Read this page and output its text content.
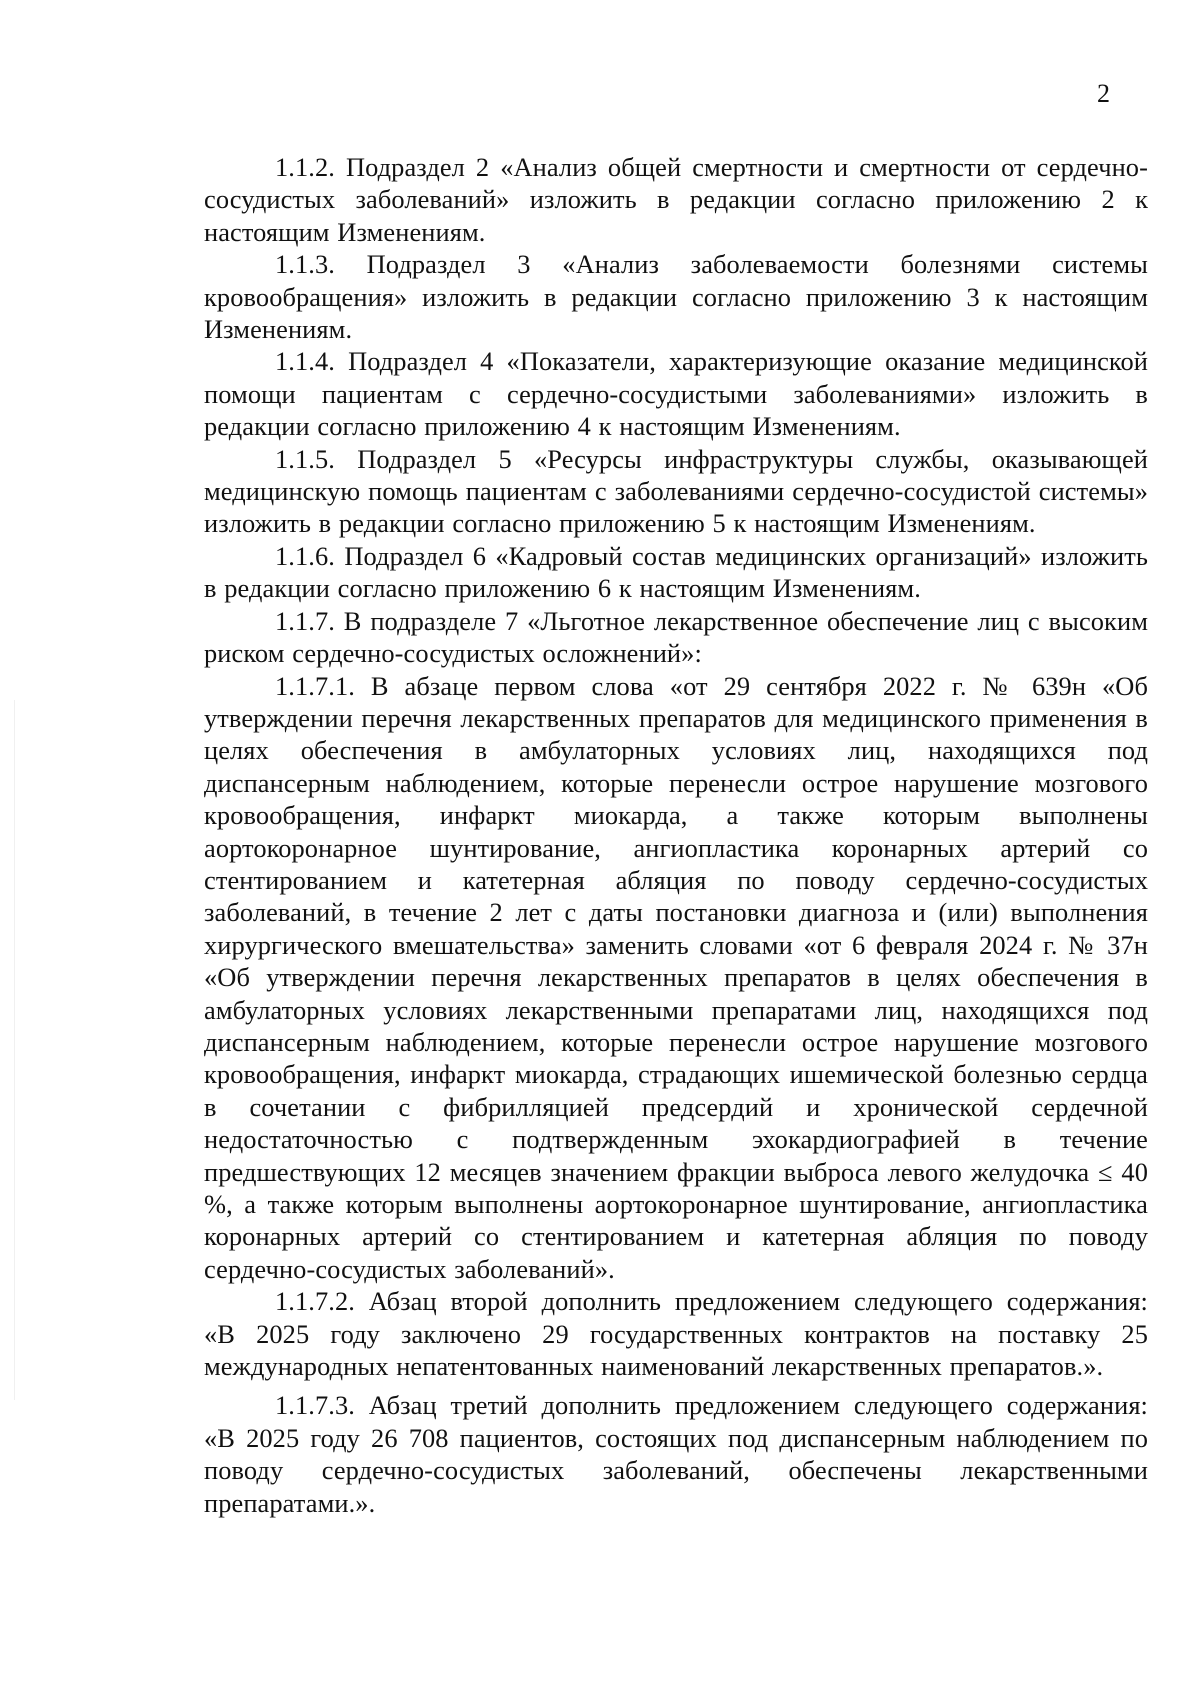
2

1.1.2. Подраздел 2 «Анализ общей смертности и смертности от сердечно-сосудистых заболеваний» изложить в редакции согласно приложению 2 к настоящим Изменениям.

1.1.3. Подраздел 3 «Анализ заболеваемости болезнями системы кровообращения» изложить в редакции согласно приложению 3 к настоящим Изменениям.

1.1.4. Подраздел 4 «Показатели, характеризующие оказание медицинской помощи пациентам с сердечно-сосудистыми заболеваниями» изложить в редакции согласно приложению 4 к настоящим Изменениям.

1.1.5. Подраздел 5 «Ресурсы инфраструктуры службы, оказывающей медицинскую помощь пациентам с заболеваниями сердечно-сосудистой системы» изложить в редакции согласно приложению 5 к настоящим Изменениям.

1.1.6. Подраздел 6 «Кадровый состав медицинских организаций» изложить в редакции согласно приложению 6 к настоящим Изменениям.

1.1.7. В подразделе 7 «Льготное лекарственное обеспечение лиц с высоким риском сердечно-сосудистых осложнений»:

1.1.7.1. В абзаце первом слова «от 29 сентября 2022 г. № 639н «Об утверждении перечня лекарственных препаратов для медицинского применения в целях обеспечения в амбулаторных условиях лиц, находящихся под диспансерным наблюдением, которые перенесли острое нарушение мозгового кровообращения, инфаркт миокарда, а также которым выполнены аортокоронарное шунтирование, ангиопластика коронарных артерий со стентированием и катетерная абляция по поводу сердечно-сосудистых заболеваний, в течение 2 лет с даты постановки диагноза и (или) выполнения хирургического вмешательства» заменить словами «от 6 февраля 2024 г. № 37н «Об утверждении перечня лекарственных препаратов в целях обеспечения в амбулаторных условиях лекарственными препаратами лиц, находящихся под диспансерным наблюдением, которые перенесли острое нарушение мозгового кровообращения, инфаркт миокарда, страдающих ишемической болезнью сердца в сочетании с фибрилляцией предсердий и хронической сердечной недостаточностью с подтвержденным эхокардиографией в течение предшествующих 12 месяцев значением фракции выброса левого желудочка ≤ 40 %, а также которым выполнены аортокоронарное шунтирование, ангиопластика коронарных артерий со стентированием и катетерная абляция по поводу сердечно-сосудистых заболеваний».

1.1.7.2. Абзац второй дополнить предложением следующего содержания: «В 2025 году заключено 29 государственных контрактов на поставку 25 международных непатентованных наименований лекарственных препаратов.».

1.1.7.3. Абзац третий дополнить предложением следующего содержания: «В 2025 году 26 708 пациентов, состоящих под диспансерным наблюдением по поводу сердечно-сосудистых заболеваний, обеспечены лекарственными препаратами.».
